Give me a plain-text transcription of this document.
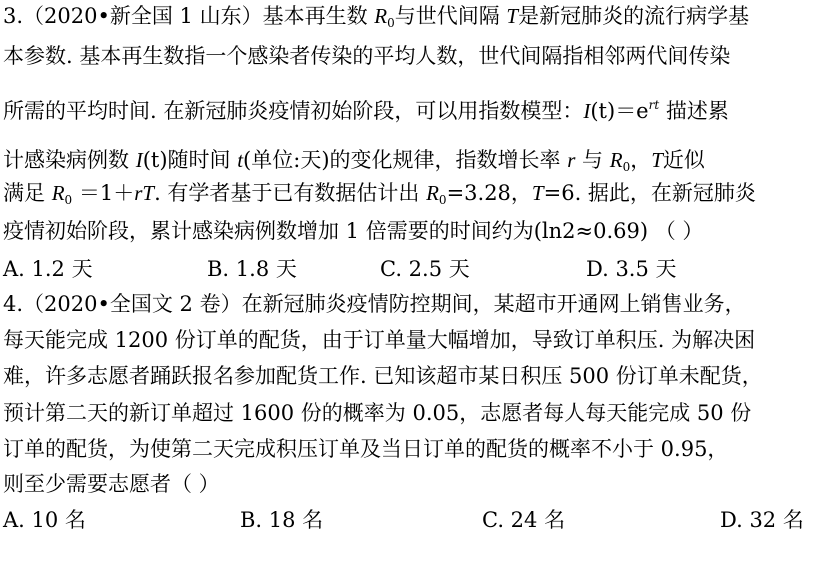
3.（2020•新全国 1 山东）基本再生数 $R_0$与世代间隔 T是新冠肺炎的流行病学基
本参数. 基本再生数指一个感染者传染的平均人数，世代间隔指相邻两代间传染
所需的平均时间. 在新冠肺炎疫情初始阶段，可以用指数模型：$I(t)=e^{rt}$ 描述累
计感染病例数 I(t)随时间 t(单位:天)的变化规律，指数增长率 r 与 $R_0$，T近似
满足 $R_0 =1+rT$. 有学者基于已有数据估计出 $R_0=3.28$，T=6. 据此，在新冠肺炎
疫情初始阶段，累计感染病例数增加 1 倍需要的时间约为(ln2≈0.69) （ ）
A. 1.2 天	B. 1.8 天	C. 2.5 天	D. 3.5 天
4.（2020•全国文 2 卷）在新冠肺炎疫情防控期间，某超市开通网上销售业务，
每天能完成 1200 份订单的配货，由于订单量大幅增加，导致订单积压. 为解决困
难，许多志愿者踊跃报名参加配货工作. 已知该超市某日积压 500 份订单未配货，
预计第二天的新订单超过 1600 份的概率为 0.05，志愿者每人每天能完成 50 份
订单的配货，为使第二天完成积压订单及当日订单的配货的概率不小于 0.95，
则至少需要志愿者（ ）
A. 10 名	B. 18 名	C. 24 名	D. 32 名
